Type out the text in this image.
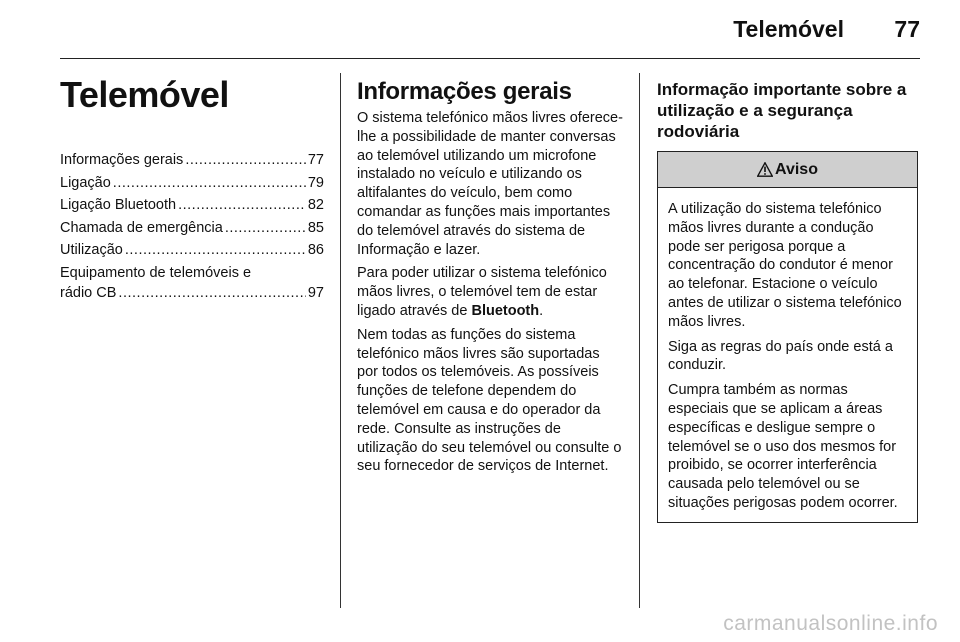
Telemóvel 77
Telemóvel
Informações gerais .....	77
Ligação .....	79
Ligação Bluetooth .....	82
Chamada de emergência .....	85
Utilização .....	86
Equipamento de telemóveis e
rádio CB .....	97
Informações gerais

O sistema telefónico mãos livres oferece-lhe a possibilidade de manter conversas ao telemóvel utilizando um microfone instalado no veículo e utilizando os altifalantes do veículo, bem como comandar as funções mais importantes do telemóvel através do sistema de Informação e lazer.

Para poder utilizar o sistema telefónico mãos livres, o telemóvel tem de estar ligado através de Bluetooth.

Nem todas as funções do sistema telefónico mãos livres são suportadas por todos os telemóveis. As possíveis funções de telefone dependem do telemóvel em causa e do operador da rede. Consulte as instruções de utilização do seu telemóvel ou consulte o seu fornecedor de serviços de Internet.

Informação importante sobre a utilização e a segurança rodoviária
Aviso

A utilização do sistema telefónico mãos livres durante a condução pode ser perigosa porque a concentração do condutor é menor ao telefonar. Estacione o veículo antes de utilizar o sistema telefónico mãos livres.

Siga as regras do país onde está a conduzir.

Cumpra também as normas especiais que se aplicam a áreas específicas e desligue sempre o telemóvel se o uso dos mesmos for proibido, se ocorrer interferência causada pelo telemóvel ou se situações perigosas podem ocorrer.

carmanualsonline.info
